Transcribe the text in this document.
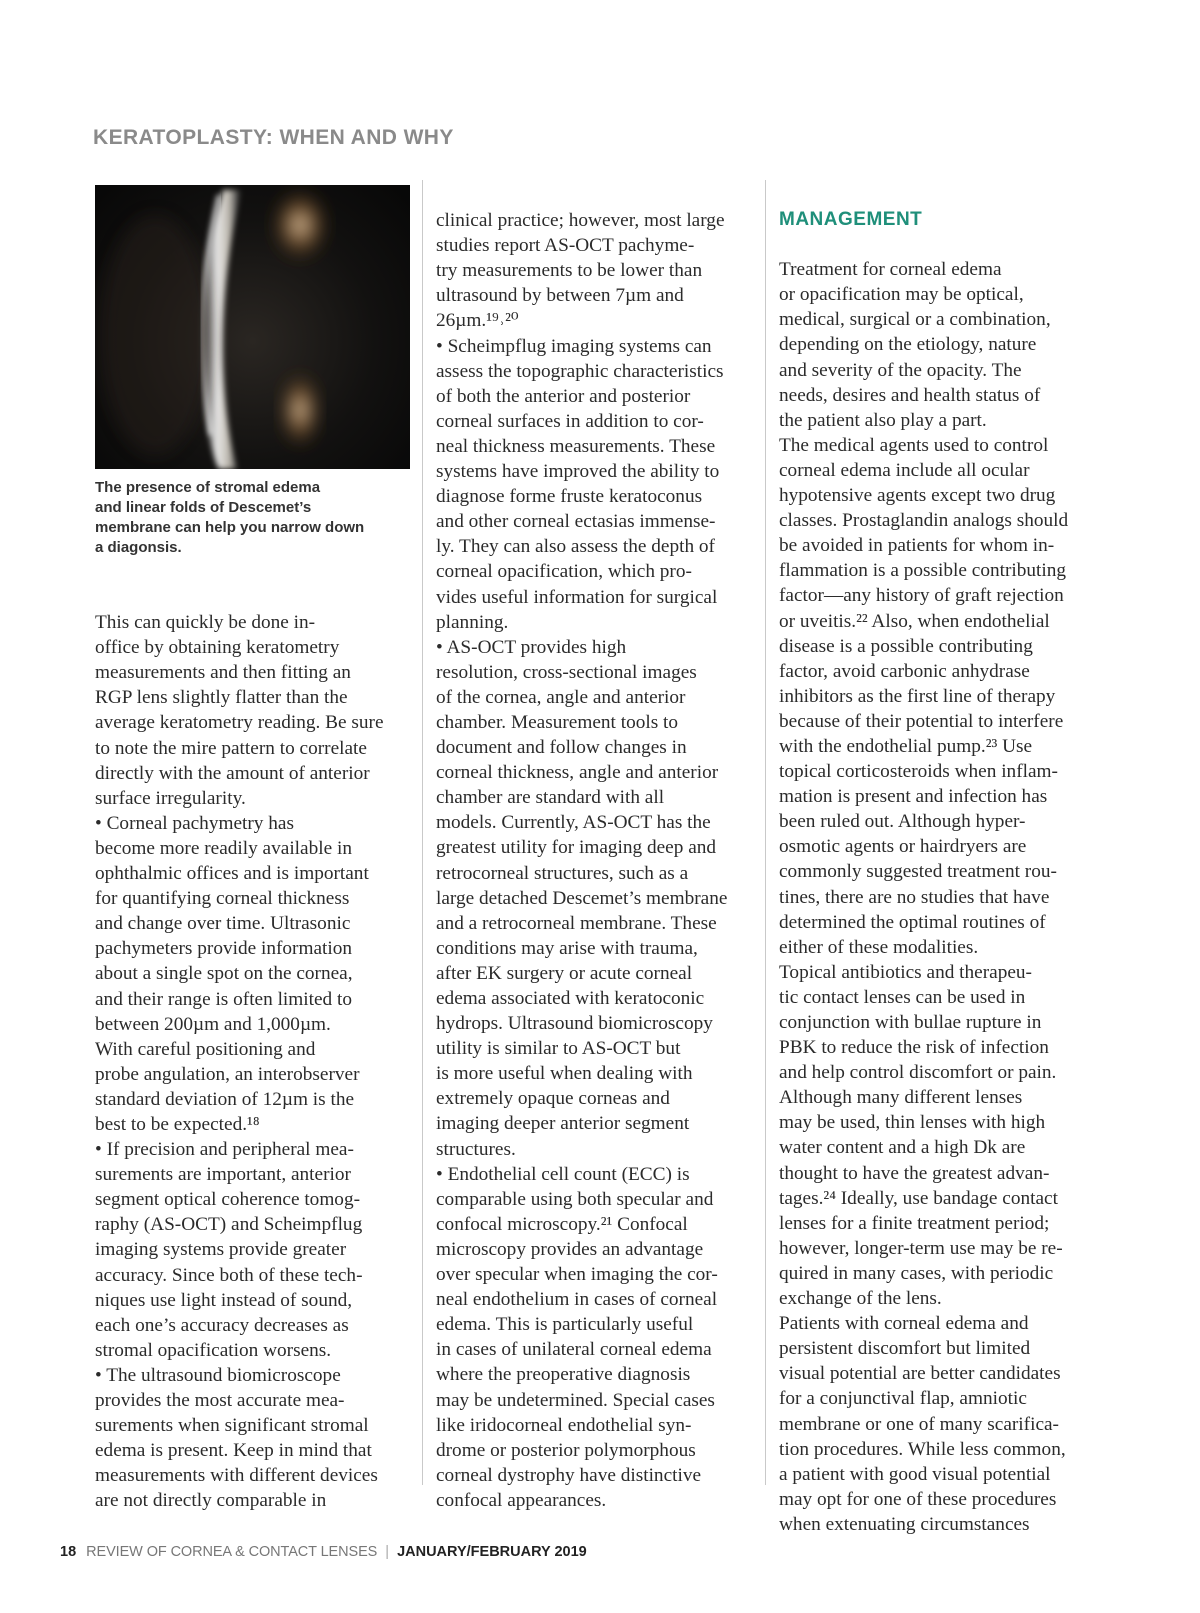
KERATOPLASTY: WHEN AND WHY

The presence of stromal edema
and linear folds of Descemet’s
membrane can help you narrow down
a diagonsis.

This can quickly be done in-
office by obtaining keratometry
measurements and then fitting an
RGP lens slightly flatter than the
average keratometry reading. Be sure
to note the mire pattern to correlate
directly with the amount of anterior
surface irregularity.
• Corneal pachymetry has
become more readily available in
ophthalmic offices and is important
for quantifying corneal thickness
and change over time. Ultrasonic
pachymeters provide information
about a single spot on the cornea,
and their range is often limited to
between 200µm and 1,000µm.
With careful positioning and
probe angulation, an interobserver
standard deviation of 12µm is the
best to be expected.¹⁸
• If precision and peripheral mea-
surements are important, anterior
segment optical coherence tomog-
raphy (AS-OCT) and Scheimpflug
imaging systems provide greater
accuracy. Since both of these tech-
niques use light instead of sound,
each one’s accuracy decreases as
stromal opacification worsens.
• The ultrasound biomicroscope
provides the most accurate mea-
surements when significant stromal
edema is present. Keep in mind that
measurements with different devices
are not directly comparable in

clinical practice; however, most large
studies report AS-OCT pachyme-
try measurements to be lower than
ultrasound by between 7µm and
26µm.¹⁹˒²⁰
• Scheimpflug imaging systems can
assess the topographic characteristics
of both the anterior and posterior
corneal surfaces in addition to cor-
neal thickness measurements. These
systems have improved the ability to
diagnose forme fruste keratoconus
and other corneal ectasias immense-
ly. They can also assess the depth of
corneal opacification, which pro-
vides useful information for surgical
planning.
• AS-OCT provides high
resolution, cross-sectional images
of the cornea, angle and anterior
chamber. Measurement tools to
document and follow changes in
corneal thickness, angle and anterior
chamber are standard with all
models. Currently, AS-OCT has the
greatest utility for imaging deep and
retrocorneal structures, such as a
large detached Descemet’s membrane
and a retrocorneal membrane. These
conditions may arise with trauma,
after EK surgery or acute corneal
edema associated with keratoconic
hydrops. Ultrasound biomicroscopy
utility is similar to AS-OCT but
is more useful when dealing with
extremely opaque corneas and
imaging deeper anterior segment
structures.
• Endothelial cell count (ECC) is
comparable using both specular and
confocal microscopy.²¹ Confocal
microscopy provides an advantage
over specular when imaging the cor-
neal endothelium in cases of corneal
edema. This is particularly useful
in cases of unilateral corneal edema
where the preoperative diagnosis
may be undetermined. Special cases
like iridocorneal endothelial syn-
drome or posterior polymorphous
corneal dystrophy have distinctive
confocal appearances.

MANAGEMENT

Treatment for corneal edema
or opacification may be optical,
medical, surgical or a combination,
depending on the etiology, nature
and severity of the opacity. The
needs, desires and health status of
the patient also play a part.
The medical agents used to control
corneal edema include all ocular
hypotensive agents except two drug
classes. Prostaglandin analogs should
be avoided in patients for whom in-
flammation is a possible contributing
factor—any history of graft rejection
or uveitis.²² Also, when endothelial
disease is a possible contributing
factor, avoid carbonic anhydrase
inhibitors as the first line of therapy
because of their potential to interfere
with the endothelial pump.²³ Use
topical corticosteroids when inflam-
mation is present and infection has
been ruled out. Although hyper-
osmotic agents or hairdryers are
commonly suggested treatment rou-
tines, there are no studies that have
determined the optimal routines of
either of these modalities.
Topical antibiotics and therapeu-
tic contact lenses can be used in
conjunction with bullae rupture in
PBK to reduce the risk of infection
and help control discomfort or pain.
Although many different lenses
may be used, thin lenses with high
water content and a high Dk are
thought to have the greatest advan-
tages.²⁴ Ideally, use bandage contact
lenses for a finite treatment period;
however, longer-term use may be re-
quired in many cases, with periodic
exchange of the lens.
Patients with corneal edema and
persistent discomfort but limited
visual potential are better candidates
for a conjunctival flap, amniotic
membrane or one of many scarifica-
tion procedures. While less common,
a patient with good visual potential
may opt for one of these procedures
when extenuating circumstances

18 REVIEW OF CORNEA & CONTACT LENSES | JANUARY/FEBRUARY 2019
